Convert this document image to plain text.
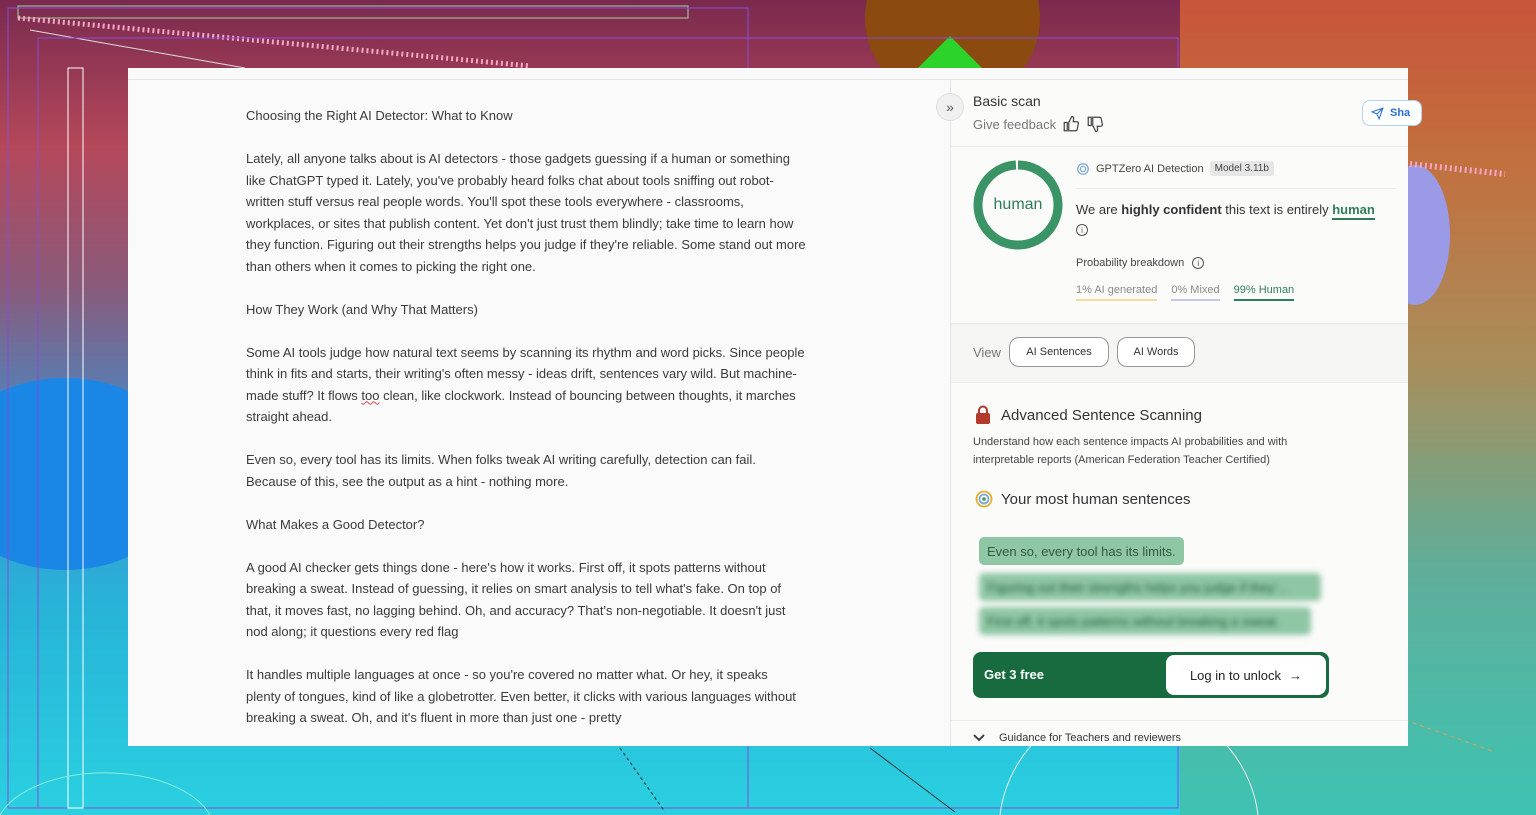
Choosing the Right AI Detector: What to Know

Lately, all anyone talks about is AI detectors - those gadgets guessing if a human or something like ChatGPT typed it. Lately, you've probably heard folks chat about tools sniffing out robot-written stuff versus real people words. You'll spot these tools everywhere - classrooms, workplaces, or sites that publish content. Yet don't just trust them blindly; take time to learn how they function. Figuring out their strengths helps you judge if they're reliable. Some stand out more than others when it comes to picking the right one.

How They Work (and Why That Matters)

Some AI tools judge how natural text seems by scanning its rhythm and word picks. Since people think in fits and starts, their writing's often messy - ideas drift, sentences vary wild. But machine-made stuff? It flows too clean, like clockwork. Instead of bouncing between thoughts, it marches straight ahead.

Even so, every tool has its limits. When folks tweak AI writing carefully, detection can fail. Because of this, see the output as a hint - nothing more.

What Makes a Good Detector?

A good AI checker gets things done - here's how it works. First off, it spots patterns without breaking a sweat. Instead of guessing, it relies on smart analysis to tell what's fake. On top of that, it moves fast, no lagging behind. Oh, and accuracy? That's non-negotiable. It doesn't just nod along; it questions every red flag

It handles multiple languages at once - so you're covered no matter what. Or hey, it speaks plenty of tongues, kind of like a globetrotter. Even better, it clicks with various languages without breaking a sweat. Oh, and it's fluent in more than just one - pretty

Basic scan
Give feedback
Sha
human
GPTZero AI Detection	Model 3.11b
We are highly confident this text is entirely human
i
Probability breakdown	i
1% AI generated 0% Mixed 99% Human
View	AI Sentences	AI Words
Advanced Sentence Scanning
Understand how each sentence impacts AI probabilities and with interpretable reports (American Federation Teacher Certified)
Your most human sentences
Even so, every tool has its limits.
Figuring out their strengths helps you judge if they'...
First off, it spots patterns without breaking a sweat.
Get 3 free	Log in to unlock →
Guidance for Teachers and reviewers
»
